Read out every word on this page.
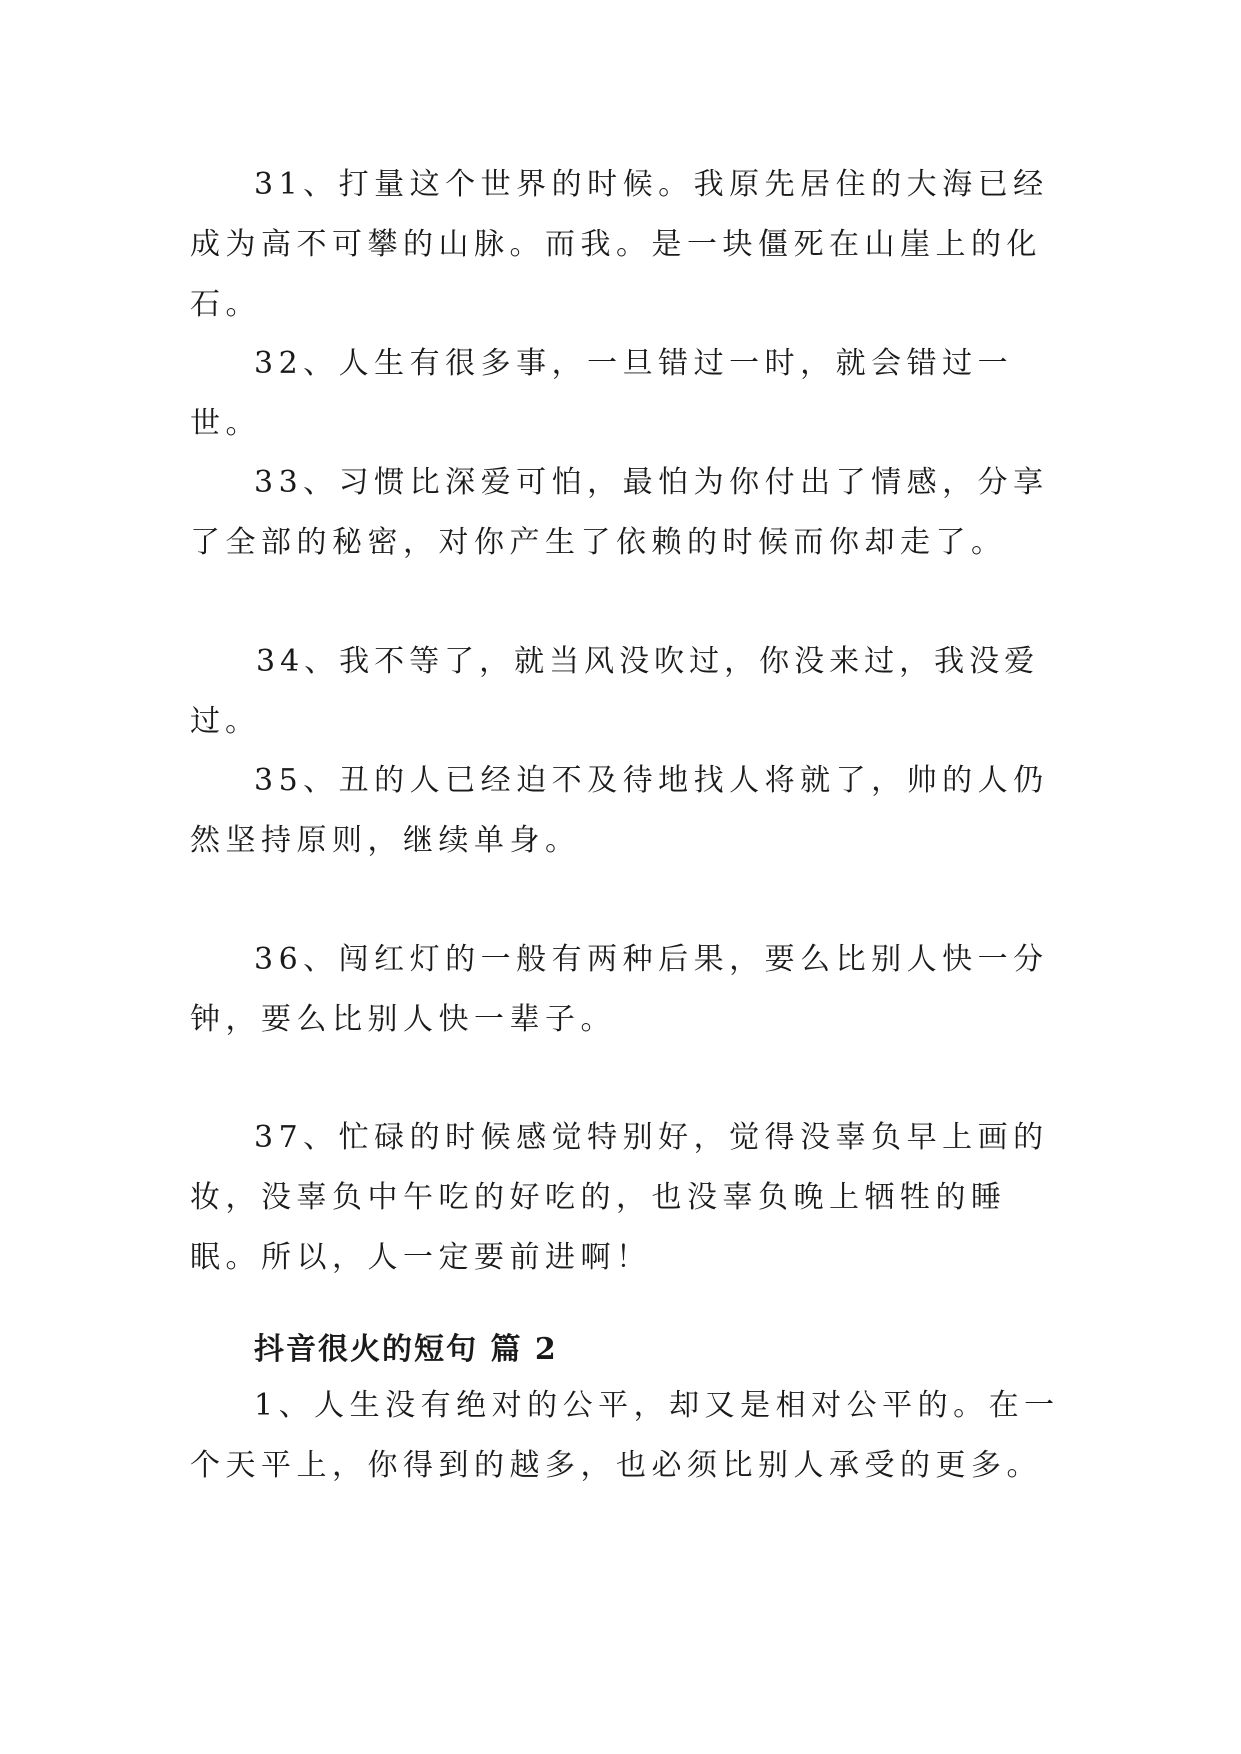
31、打量这个世界的时候。我原先居住的大海已经成为高不可攀的山脉。而我。是一块僵死在山崖上的化石。

32、人生有很多事，一旦错过一时，就会错过一世。

33、习惯比深爱可怕，最怕为你付出了情感，分享了全部的秘密，对你产生了依赖的时候而你却走了。

34、我不等了，就当风没吹过，你没来过，我没爱过。

35、丑的人已经迫不及待地找人将就了，帅的人仍然坚持原则，继续单身。

36、闯红灯的一般有两种后果，要么比别人快一分钟，要么比别人快一辈子。

37、忙碌的时候感觉特别好，觉得没辜负早上画的妆，没辜负中午吃的好吃的，也没辜负晚上牺牲的睡眠。所以，人一定要前进啊！

抖音很火的短句 篇 2

1、人生没有绝对的公平，却又是相对公平的。在一个天平上，你得到的越多，也必须比别人承受的更多。
